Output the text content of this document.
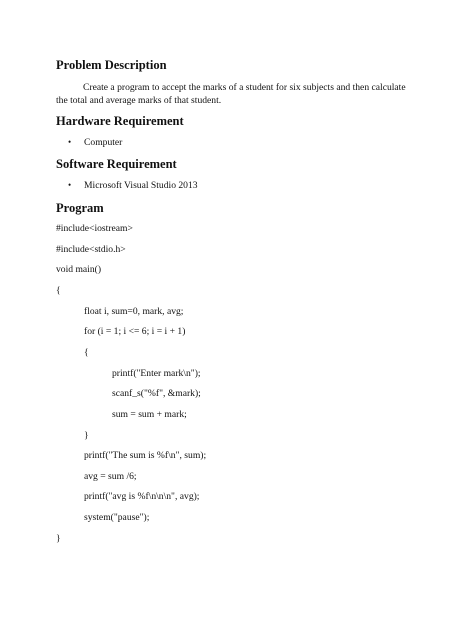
Problem Description
Create a program to accept the marks of a student for six subjects and then calculate the total and average marks of that student.
Hardware Requirement
• Computer
Software Requirement
• Microsoft Visual Studio 2013
Program
#include<iostream>
#include<stdio.h>
void main()
{
float i, sum=0, mark, avg;
for (i = 1; i <= 6; i = i + 1)
{
printf("Enter mark\n");
scanf_s("%f", &mark);
sum = sum + mark;
}
printf("The sum is %f\n", sum);
avg = sum /6;
printf("avg is %f\n\n\n", avg);
system("pause");
}
